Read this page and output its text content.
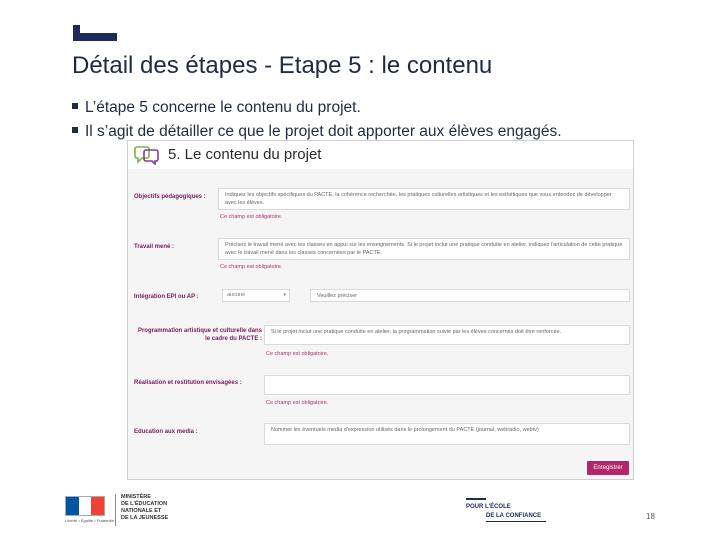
Détail des étapes - Etape 5 : le contenu
L’étape 5 concerne le contenu du projet.
Il s’agit de détailler ce que le projet doit apporter aux élèves engagés.
5. Le contenu du projet
Objectifs pédagogiques :	Indiquez les objectifs spécifiques du PACTE, la cohérence recherchée, les pratiques culturelles artistiques et les esthétiques que vous entendez de développer avec les élèves.
Ce champ est obligatoire.
Travail mené :	Précisez le travail mené avec les classes en appui sur les enseignements. Si le projet inclut une pratique conduite en atelier, indiquez l'articulation de cette pratique avec le travail mené dans les classes concernées par le PACTE.
Ce champ est obligatoire.
Intégration EPI ou AP :	aucune	▾	Veuillez préciser
Programmation artistique et culturelle dans le cadre du PACTE :
Si le projet inclut une pratique conduite en atelier, la programmation suivie par les élèves concernés doit être renforcée.
Ce champ est obligatoire.
Réalisation et restitution envisagées :
Ce champ est obligatoire.
Education aux media :	Nommer les éventuels media d'expression utilisés dans le prolongement du PACTE (journal, webradio, webtv)
Enregistrer
Liberté • Égalité • Fraternité
MINISTÈRE
DE L'ÉDUCATION
NATIONALE ET
DE LA JEUNESSE
POUR L'ÉCOLE
DE LA CONFIANCE	18
